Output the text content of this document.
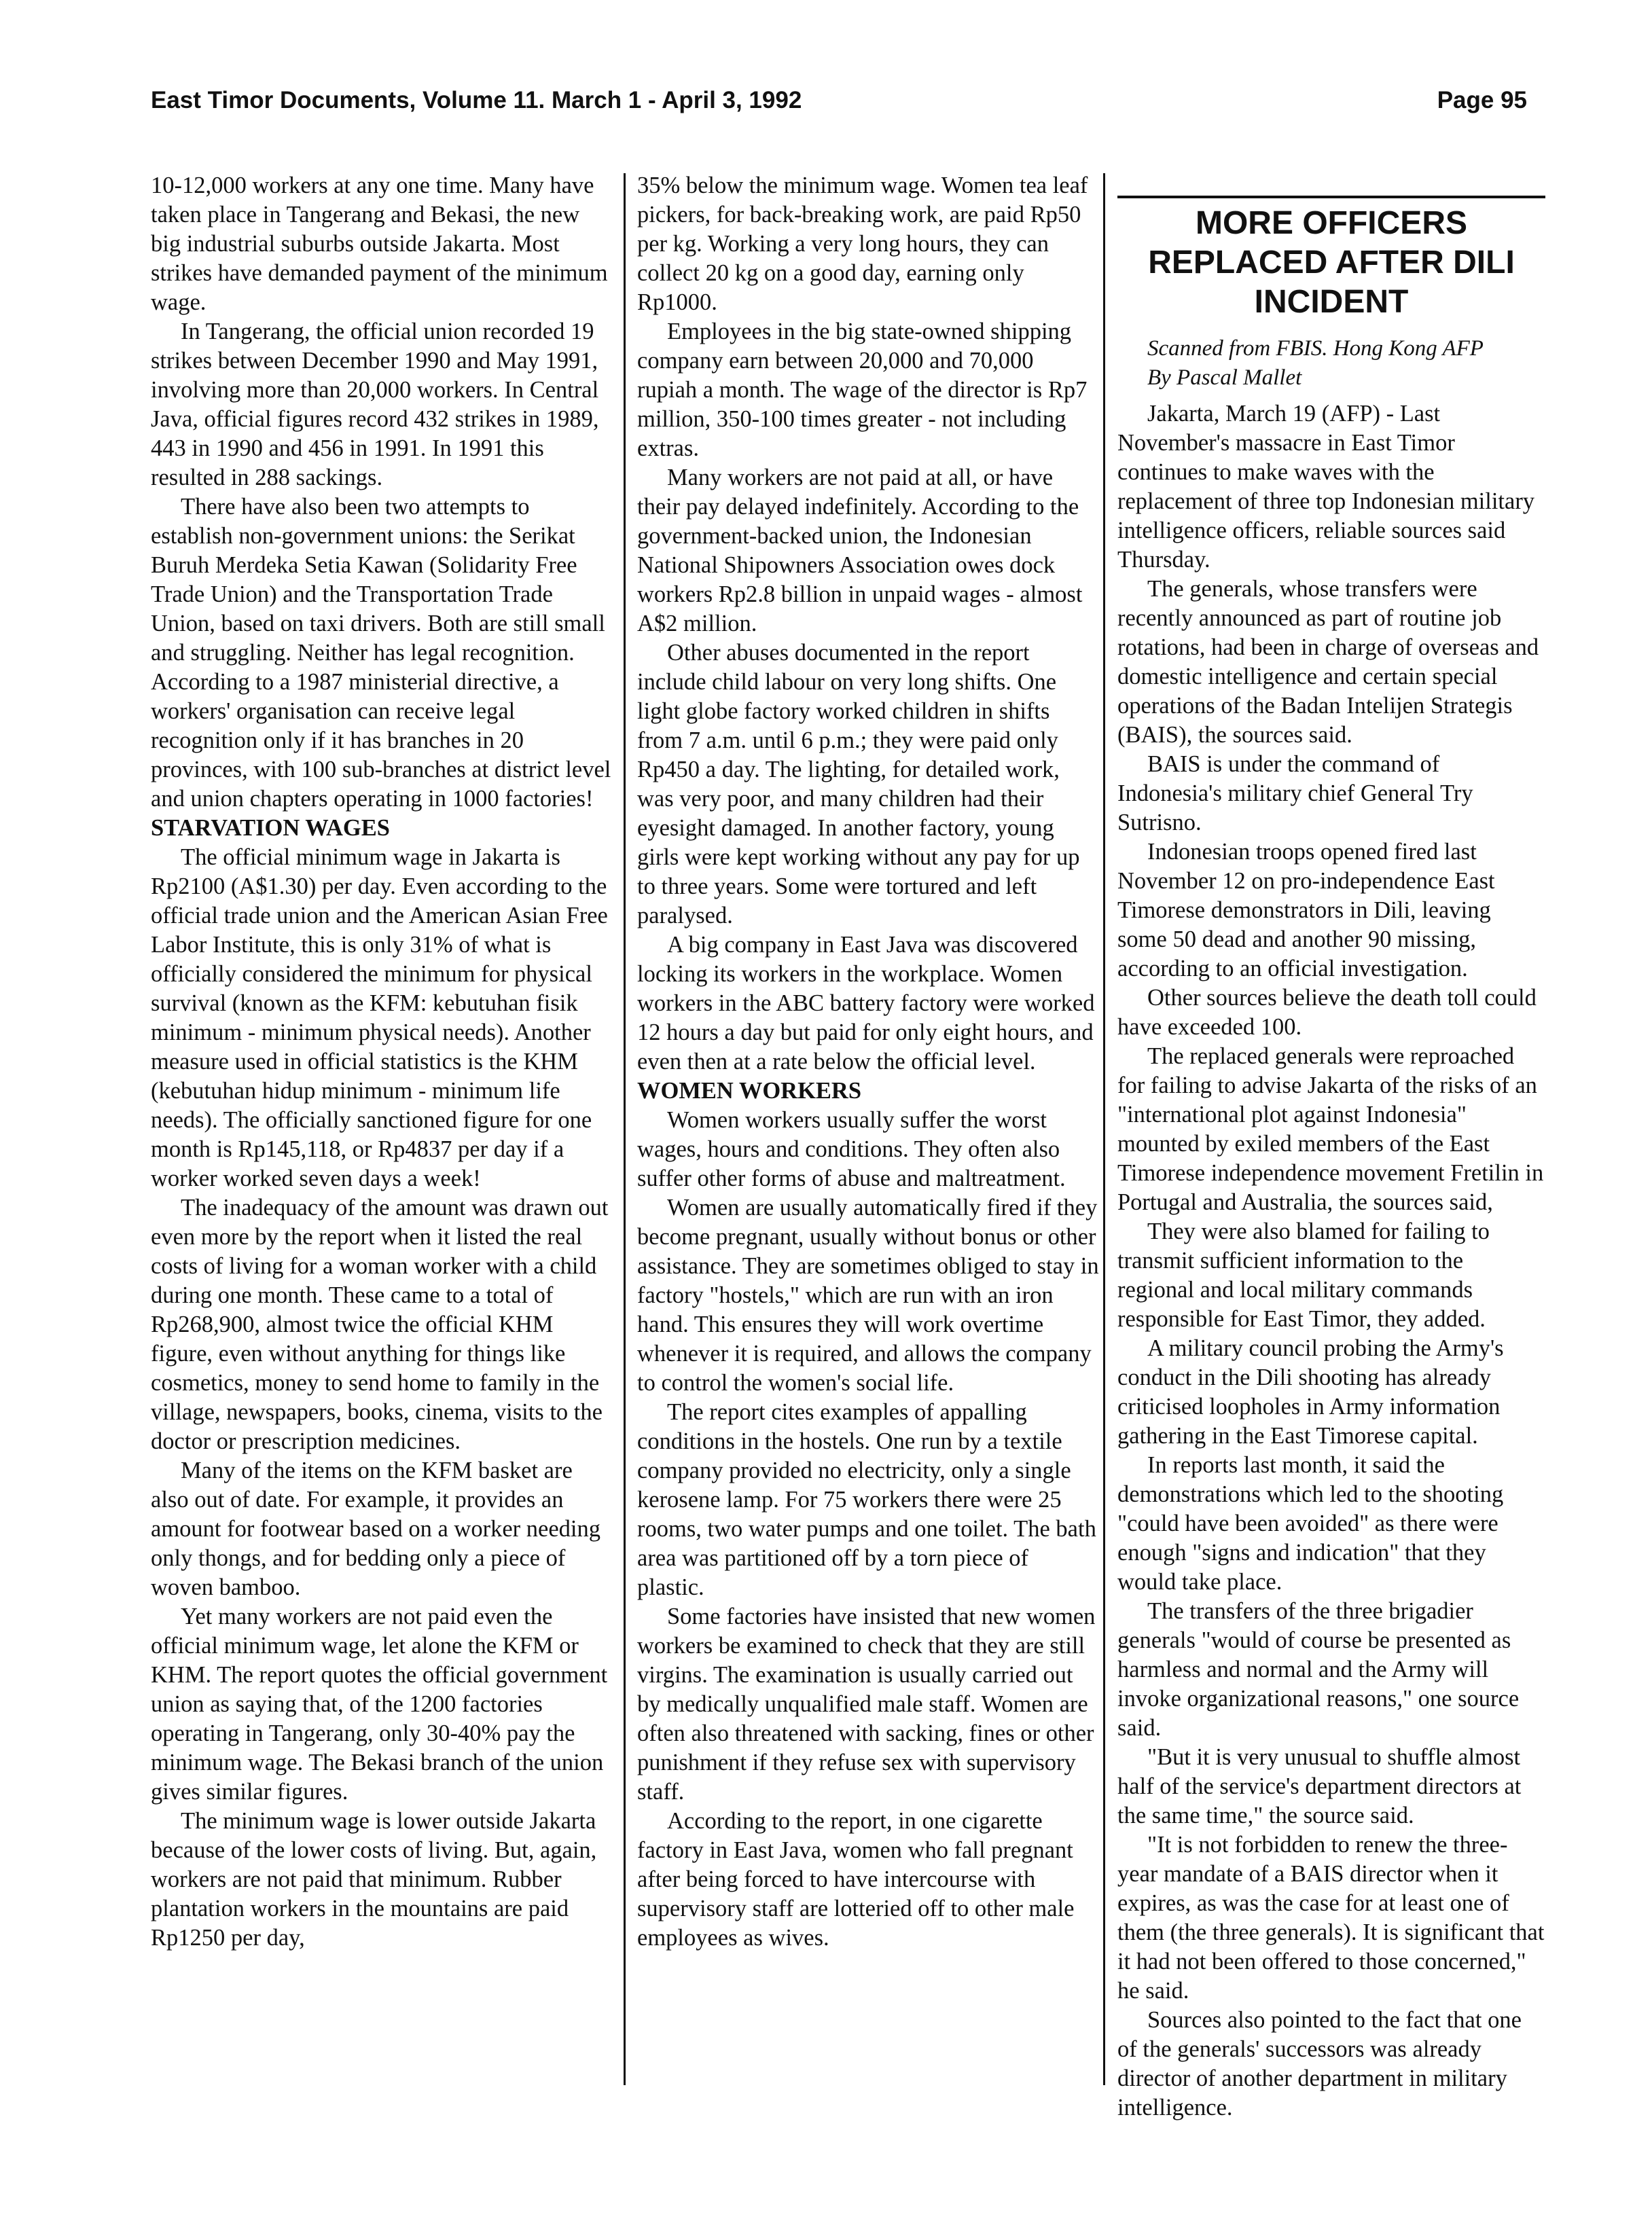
East Timor Documents, Volume 11. March 1 - April 3, 1992	Page 95

10-12,000 workers at any one time. Many have taken place in Tangerang and Bekasi, the new big industrial suburbs outside Jakarta. Most strikes have demanded payment of the minimum wage.

In Tangerang, the official union recorded 19 strikes between December 1990 and May 1991, involving more than 20,000 workers. In Central Java, official figures record 432 strikes in 1989, 443 in 1990 and 456 in 1991. In 1991 this resulted in 288 sackings.

There have also been two attempts to establish non-government unions: the Serikat Buruh Merdeka Setia Kawan (Solidarity Free Trade Union) and the Transportation Trade Union, based on taxi drivers. Both are still small and struggling. Neither has legal recognition. According to a 1987 ministerial directive, a workers' organisation can receive legal recognition only if it has branches in 20 provinces, with 100 sub-branches at district level and union chapters operating in 1000 factories!

STARVATION WAGES

The official minimum wage in Jakarta is Rp2100 (A$1.30) per day. Even according to the official trade union and the American Asian Free Labor Institute, this is only 31% of what is officially considered the minimum for physical survival (known as the KFM: kebutuhan fisik minimum - minimum physical needs). Another measure used in official statistics is the KHM (kebutuhan hidup minimum - minimum life needs). The officially sanctioned figure for one month is Rp145,118, or Rp4837 per day if a worker worked seven days a week!

The inadequacy of the amount was drawn out even more by the report when it listed the real costs of living for a woman worker with a child during one month. These came to a total of Rp268,900, almost twice the official KHM figure, even without anything for things like cosmetics, money to send home to family in the village, newspapers, books, cinema, visits to the doctor or prescription medicines.

Many of the items on the KFM basket are also out of date. For example, it provides an amount for footwear based on a worker needing only thongs, and for bedding only a piece of woven bamboo.

Yet many workers are not paid even the official minimum wage, let alone the KFM or KHM. The report quotes the official government union as saying that, of the 1200 factories operating in Tangerang, only 30-40% pay the minimum wage. The Bekasi branch of the union gives similar figures.

The minimum wage is lower outside Jakarta because of the lower costs of living. But, again, workers are not paid that minimum. Rubber plantation workers in the mountains are paid Rp1250 per day,

35% below the minimum wage. Women tea leaf pickers, for back-breaking work, are paid Rp50 per kg. Working a very long hours, they can collect 20 kg on a good day, earning only Rp1000.

Employees in the big state-owned shipping company earn between 20,000 and 70,000 rupiah a month. The wage of the director is Rp7 million, 350-100 times greater - not including extras.

Many workers are not paid at all, or have their pay delayed indefinitely. According to the government-backed union, the Indonesian National Shipowners Association owes dock workers Rp2.8 billion in unpaid wages - almost A$2 million.

Other abuses documented in the report include child labour on very long shifts. One light globe factory worked children in shifts from 7 a.m. until 6 p.m.; they were paid only Rp450 a day. The lighting, for detailed work, was very poor, and many children had their eyesight damaged. In another factory, young girls were kept working without any pay for up to three years. Some were tortured and left paralysed.

A big company in East Java was discovered locking its workers in the workplace. Women workers in the ABC battery factory were worked 12 hours a day but paid for only eight hours, and even then at a rate below the official level.

WOMEN WORKERS

Women workers usually suffer the worst wages, hours and conditions. They often also suffer other forms of abuse and maltreatment.

Women are usually automatically fired if they become pregnant, usually without bonus or other assistance. They are sometimes obliged to stay in factory "hostels," which are run with an iron hand. This ensures they will work overtime whenever it is required, and allows the company to control the women's social life.

The report cites examples of appalling conditions in the hostels. One run by a textile company provided no electricity, only a single kerosene lamp. For 75 workers there were 25 rooms, two water pumps and one toilet. The bath area was partitioned off by a torn piece of plastic.

Some factories have insisted that new women workers be examined to check that they are still virgins. The examination is usually carried out by medically unqualified male staff. Women are often also threatened with sacking, fines or other punishment if they refuse sex with supervisory staff.

According to the report, in one cigarette factory in East Java, women who fall pregnant after being forced to have intercourse with supervisory staff are lotteried off to other male employees as wives.

MORE OFFICERS REPLACED AFTER DILI INCIDENT

Scanned from FBIS. Hong Kong AFP

By Pascal Mallet

Jakarta, March 19 (AFP) - Last November's massacre in East Timor continues to make waves with the replacement of three top Indonesian military intelligence officers, reliable sources said Thursday.

The generals, whose transfers were recently announced as part of routine job rotations, had been in charge of overseas and domestic intelligence and certain special operations of the Badan Intelijen Strategis (BAIS), the sources said.

BAIS is under the command of Indonesia's military chief General Try Sutrisno.

Indonesian troops opened fired last November 12 on pro-independence East Timorese demonstrators in Dili, leaving some 50 dead and another 90 missing, according to an official investigation.

Other sources believe the death toll could have exceeded 100.

The replaced generals were reproached for failing to advise Jakarta of the risks of an "international plot against Indonesia" mounted by exiled members of the East Timorese independence movement Fretilin in Portugal and Australia, the sources said,

They were also blamed for failing to transmit sufficient information to the regional and local military commands responsible for East Timor, they added.

A military council probing the Army's conduct in the Dili shooting has already criticised loopholes in Army information gathering in the East Timorese capital.

In reports last month, it said the demonstrations which led to the shooting "could have been avoided" as there were enough "signs and indication" that they would take place.

The transfers of the three brigadier generals "would of course be presented as harmless and normal and the Army will invoke organizational reasons," one source said.

"But it is very unusual to shuffle almost half of the service's department directors at the same time," the source said.

"It is not forbidden to renew the three-year mandate of a BAIS director when it expires, as was the case for at least one of them (the three generals). It is significant that it had not been offered to those concerned," he said.

Sources also pointed to the fact that one of the generals' successors was already director of another department in military intelligence.
